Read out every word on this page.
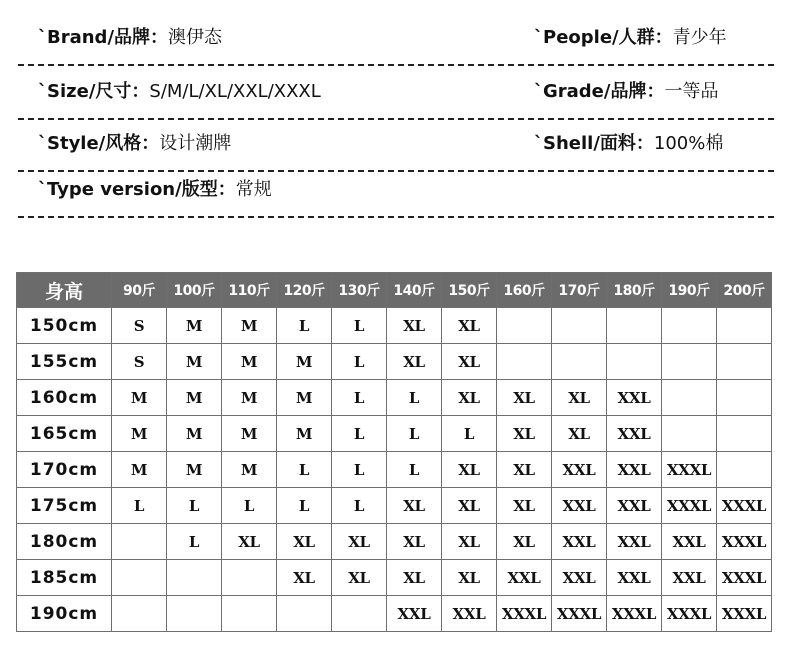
`Brand/品牌：澳伊态	`People/人群：青少年
`Size/尺寸：S/M/L/XL/XXL/XXXL	`Grade/品牌：一等品
`Style/风格：设计潮牌	`Shell/面料：100%棉
`Type version/版型：常规
身高	90斤	100斤	110斤	120斤	130斤	140斤	150斤	160斤	170斤	180斤	190斤	200斤
150cm	S	M	M	L	L	XL	XL					
155cm	S	M	M	M	L	XL	XL					
160cm	M	M	M	M	L	L	XL	XL	XL	XXL		
165cm	M	M	M	M	L	L	L	XL	XL	XXL		
170cm	M	M	M	L	L	L	XL	XL	XXL	XXL	XXXL	
175cm	L	L	L	L	L	XL	XL	XL	XXL	XXL	XXXL	XXXL
180cm		L	XL	XL	XL	XL	XL	XL	XXL	XXL	XXL	XXXL
185cm				XL	XL	XL	XL	XXL	XXL	XXL	XXL	XXXL
190cm						XXL	XXL	XXXL	XXXL	XXXL	XXXL	XXXL
